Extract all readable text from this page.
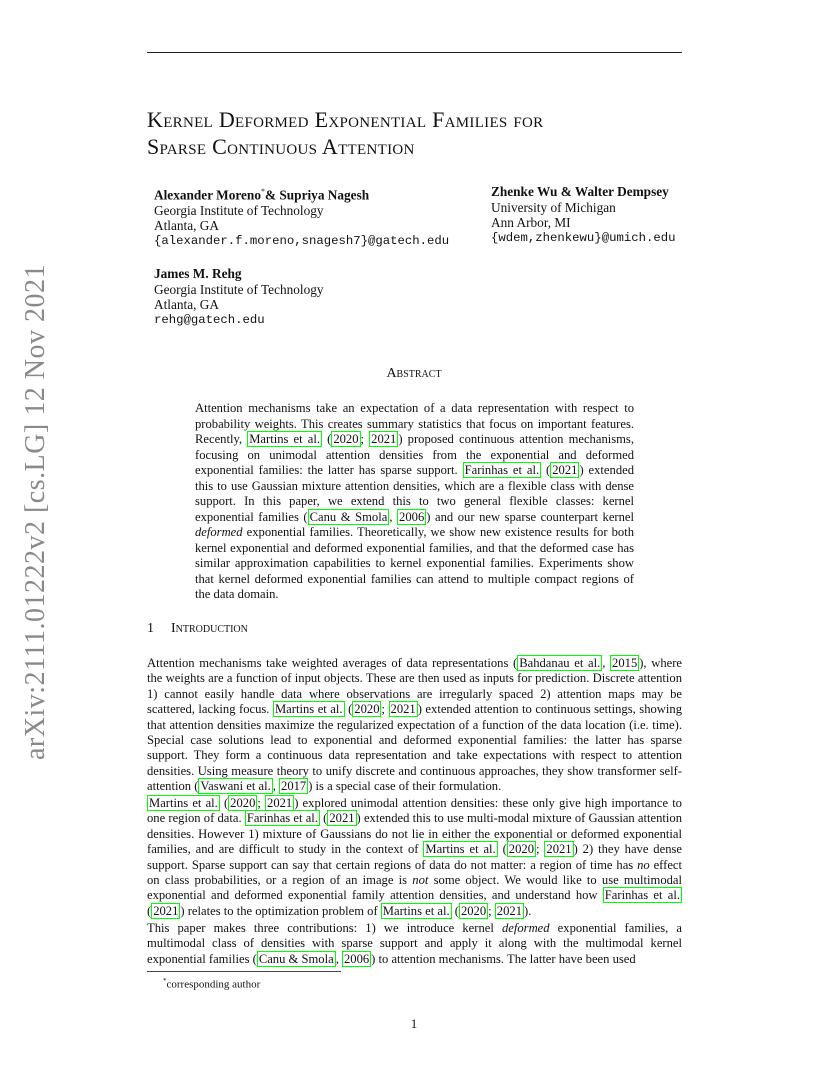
arXiv:2111.01222v2 [cs.LG] 12 Nov 2021
Kernel Deformed Exponential Families for
Sparse Continuous Attention
Alexander Moreno*& Supriya Nagesh
Georgia Institute of Technology
Atlanta, GA
{alexander.f.moreno,snagesh7}@gatech.edu
Zhenke Wu & Walter Dempsey
University of Michigan
Ann Arbor, MI
{wdem,zhenkewu}@umich.edu
James M. Rehg
Georgia Institute of Technology
Atlanta, GA
rehg@gatech.edu
Abstract
Attention mechanisms take an expectation of a data representation with respect to probability weights. This creates summary statistics that focus on important features. Recently, Martins et al. ( 2020 ; 2021 ) proposed continuous attention mechanisms, focusing on unimodal attention densities from the exponential and deformed exponential families: the latter has sparse support. Farinhas et al. ( 2021 ) extended this to use Gaussian mixture attention densities, which are a flexible class with dense support. In this paper, we extend this to two general flexible classes: kernel exponential families ( Canu & Smola , 2006 ) and our new sparse counterpart kernel deformed exponential families. Theoretically, we show new existence results for both kernel exponential and deformed exponential families, and that the deformed case has similar approximation capabilities to kernel exponential families. Experiments show that kernel deformed exponential families can attend to multiple compact regions of the data domain.
1 Introduction

Attention mechanisms take weighted averages of data representations ( Bahdanau et al. , 2015 ), where the weights are a function of input objects. These are then used as inputs for prediction. Discrete attention 1) cannot easily handle data where observations are irregularly spaced 2) attention maps may be scattered, lacking focus. Martins et al. ( 2020 ; 2021 ) extended attention to continuous settings, showing that attention densities maximize the regularized expectation of a function of the data location (i.e. time). Special case solutions lead to exponential and deformed exponential families: the latter has sparse support. They form a continuous data representation and take expectations with respect to attention densities. Using measure theory to unify discrete and continuous approaches, they show transformer self-attention ( Vaswani et al. , 2017 ) is a special case of their formulation.

Martins et al. ( 2020 ; 2021 ) explored unimodal attention densities: these only give high importance to one region of data. Farinhas et al. ( 2021 ) extended this to use multi-modal mixture of Gaussian attention densities. However 1) mixture of Gaussians do not lie in either the exponential or deformed exponential families, and are difficult to study in the context of Martins et al. ( 2020 ; 2021 ) 2) they have dense support. Sparse support can say that certain regions of data do not matter: a region of time has no effect on class probabilities, or a region of an image is not some object. We would like to use multimodal exponential and deformed exponential family attention densities, and understand how Farinhas et al. ( 2021 ) relates to the optimization problem of Martins et al. ( 2020 ; 2021 ).

This paper makes three contributions: 1) we introduce kernel deformed exponential families, a multimodal class of densities with sparse support and apply it along with the multimodal kernel exponential families ( Canu & Smola , 2006 ) to attention mechanisms. The latter have been used

*corresponding author
1
